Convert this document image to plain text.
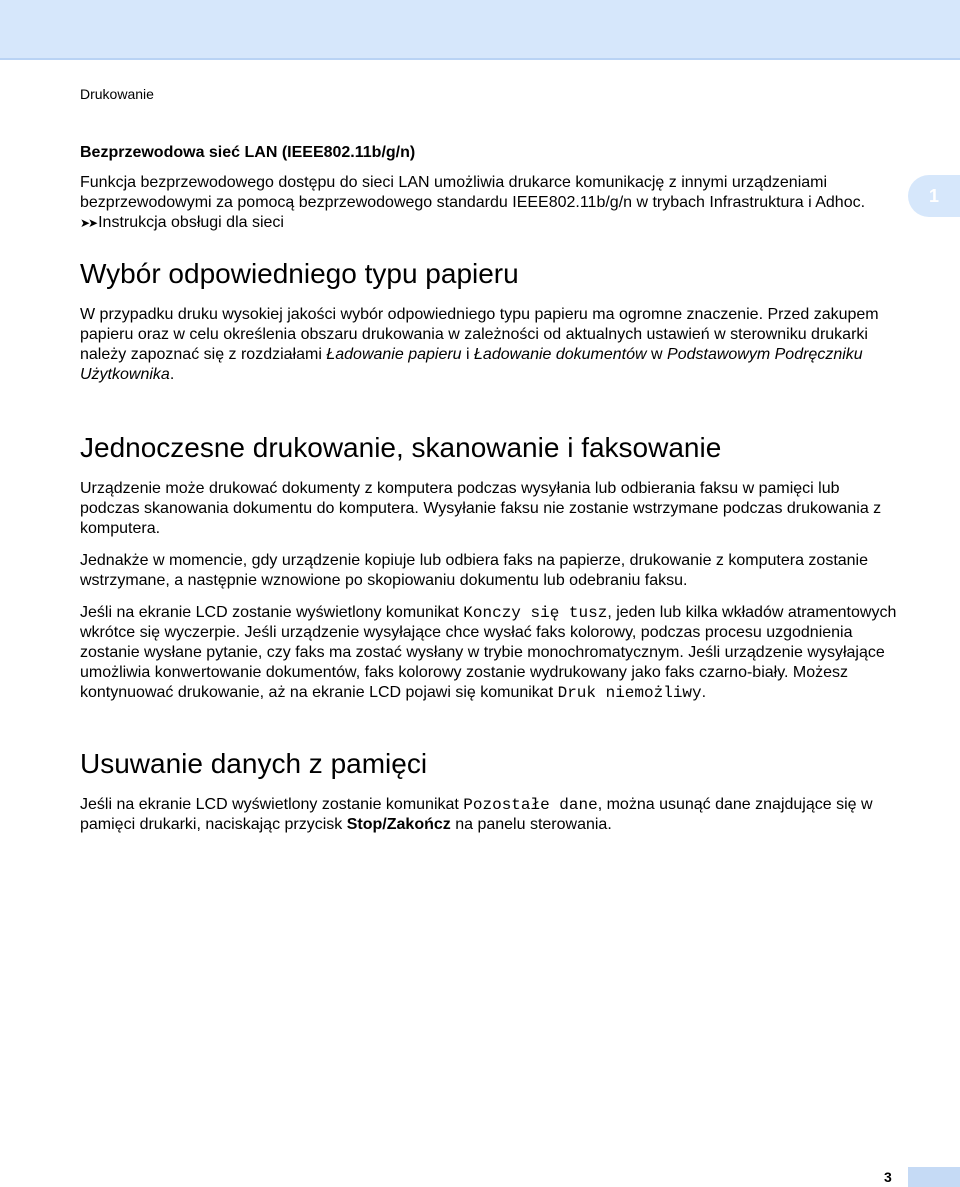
Drukowanie
1
Bezprzewodowa sieć LAN (IEEE802.11b/g/n)

Funkcja bezprzewodowego dostępu do sieci LAN umożliwia drukarce komunikację z innymi urządzeniami bezprzewodowymi za pomocą bezprzewodowego standardu IEEE802.11b/g/n w trybach Infrastruktura i Adhoc. ➤➤ Instrukcja obsługi dla sieci

Wybór odpowiedniego typu papieru

W przypadku druku wysokiej jakości wybór odpowiedniego typu papieru ma ogromne znaczenie. Przed zakupem papieru oraz w celu określenia obszaru drukowania w zależności od aktualnych ustawień w sterowniku drukarki należy zapoznać się z rozdziałami Ładowanie papieru i Ładowanie dokumentów w Podstawowym Podręczniku Użytkownika.

Jednoczesne drukowanie, skanowanie i faksowanie

Urządzenie może drukować dokumenty z komputera podczas wysyłania lub odbierania faksu w pamięci lub podczas skanowania dokumentu do komputera. Wysyłanie faksu nie zostanie wstrzymane podczas drukowania z komputera.

Jednakże w momencie, gdy urządzenie kopiuje lub odbiera faks na papierze, drukowanie z komputera zostanie wstrzymane, a następnie wznowione po skopiowaniu dokumentu lub odebraniu faksu.

Jeśli na ekranie LCD zostanie wyświetlony komunikat Konczy się tusz, jeden lub kilka wkładów atramentowych wkrótce się wyczerpie. Jeśli urządzenie wysyłające chce wysłać faks kolorowy, podczas procesu uzgodnienia zostanie wysłane pytanie, czy faks ma zostać wysłany w trybie monochromatycznym. Jeśli urządzenie wysyłające umożliwia konwertowanie dokumentów, faks kolorowy zostanie wydrukowany jako faks czarno-biały. Możesz kontynuować drukowanie, aż na ekranie LCD pojawi się komunikat Druk niemożliwy.

Usuwanie danych z pamięci

Jeśli na ekranie LCD wyświetlony zostanie komunikat Pozostałe dane, można usunąć dane znajdujące się w pamięci drukarki, naciskając przycisk Stop/Zakończ na panelu sterowania.

3
